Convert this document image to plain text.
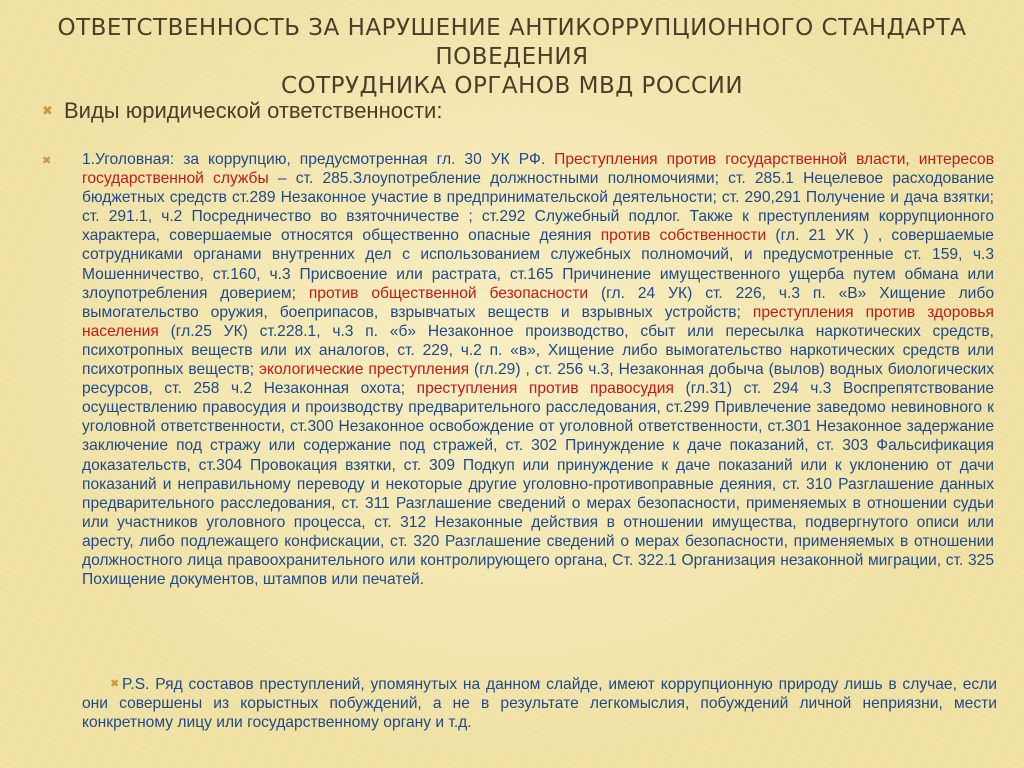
ОТВЕТСТВЕННОСТЬ ЗА НАРУШЕНИЕ АНТИКОРРУПЦИОННОГО СТАНДАРТА ПОВЕДЕНИЯ
СОТРУДНИКА ОРГАНОВ МВД РОССИИ
✖ Виды юридической ответственности:
✖	1.Уголовная: за коррупцию, предусмотренная гл. 30 УК РФ. Преступления против государственной власти, интересов государственной службы – ст. 285.Злоупотребление должностными полномочиями; ст. 285.1 Нецелевое расходование бюджетных средств ст.289 Незаконное участие в предпринимательской деятельности; ст. 290,291 Получение и дача взятки; ст. 291.1, ч.2 Посредничество во взяточничестве ; ст.292 Служебный подлог. Также к преступлениям коррупционного характера, совершаемые относятся общественно опасные деяния против собственности (гл. 21 УК ) , совершаемые сотрудниками органами внутренних дел с использованием служебных полномочий, и предусмотренные ст. 159, ч.3 Мошенничество, ст.160, ч.3 Присвоение или растрата, ст.165 Причинение имущественного ущерба путем обмана или злоупотребления доверием; против общественной безопасности (гл. 24 УК) ст. 226, ч.3 п. «В» Хищение либо вымогательство оружия, боеприпасов, взрывчатых веществ и взрывных устройств; преступления против здоровья населения (гл.25 УК) ст.228.1, ч.3 п. «б» Незаконное производство, сбыт или пересылка наркотических средств, психотропных веществ или их аналогов, ст. 229, ч.2 п. «в», Хищение либо вымогательство наркотических средств или психотропных веществ; экологические преступления (гл.29) , ст. 256 ч.3, Незаконная добыча (вылов) водных биологических ресурсов, ст. 258 ч.2 Незаконная охота; преступления против правосудия (гл.31) ст. 294 ч.3 Воспрепятствование осуществлению правосудия и производству предварительного расследования, ст.299 Привлечение заведомо невиновного к уголовной ответственности, ст.300 Незаконное освобождение от уголовной ответственности, ст.301 Незаконное задержание заключение под стражу или содержание под стражей, ст. 302 Принуждение к даче показаний, ст. 303 Фальсификация доказательств, ст.304 Провокация взятки, ст. 309 Подкуп или принуждение к даче показаний или к уклонению от дачи показаний и неправильному переводу и некоторые другие уголовно-противоправные деяния, ст. 310 Разглашение данных предварительного расследования, ст. 311 Разглашение сведений о мерах безопасности, применяемых в отношении судьи или участников уголовного процесса, ст. 312 Незаконные действия в отношении имущества, подвергнутого описи или аресту, либо подлежащего конфискации, ст. 320 Разглашение сведений о мерах безопасности, применяемых в отношении должностного лица правоохранительного или контролирующего органа, Ст. 322.1 Организация незаконной миграции, ст. 325 Похищение документов, штампов или печатей.
✖ P.S. Ряд составов преступлений, упомянутых на данном слайде, имеют коррупционную природу лишь в случае, если они совершены из корыстных побуждений, а не в результате легкомыслия, побуждений личной неприязни, мести конкретному лицу или государственному органу и т.д.
